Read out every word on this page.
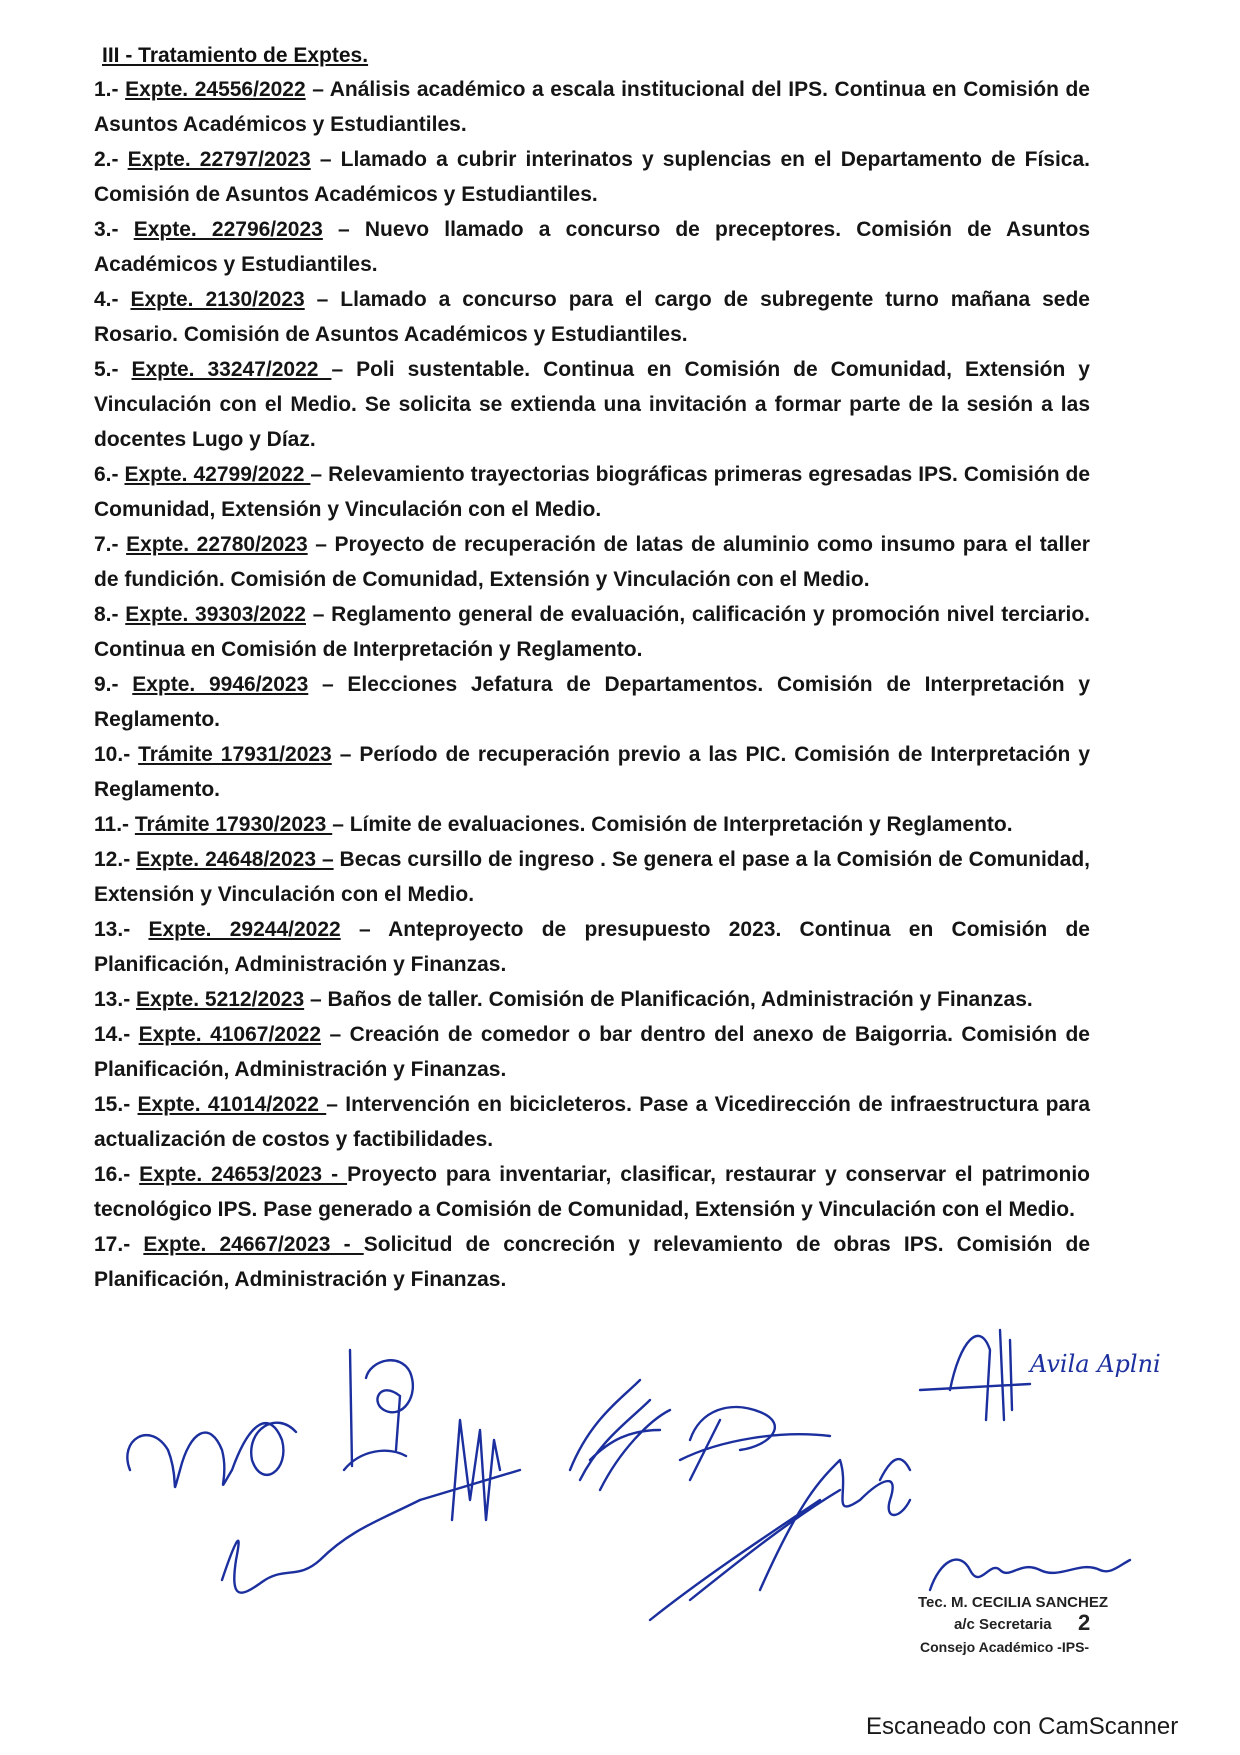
III - Tratamiento de Exptes.
1.- Expte. 24556/2022 – Análisis académico a escala institucional del IPS. Continua en Comisión de Asuntos Académicos y Estudiantiles.
2.- Expte. 22797/2023 – Llamado a cubrir interinatos y suplencias en el Departamento de Física. Comisión de Asuntos Académicos y Estudiantiles.
3.- Expte. 22796/2023 – Nuevo llamado a concurso de preceptores. Comisión de Asuntos Académicos y Estudiantiles.
4.- Expte. 2130/2023 – Llamado a concurso para el cargo de subregente turno mañana sede Rosario. Comisión de Asuntos Académicos y Estudiantiles.
5.- Expte. 33247/2022 – Poli sustentable. Continua en Comisión de Comunidad, Extensión y Vinculación con el Medio. Se solicita se extienda una invitación a formar parte de la sesión a las docentes Lugo y Díaz.
6.- Expte. 42799/2022 – Relevamiento trayectorias biográficas primeras egresadas IPS. Comisión de Comunidad, Extensión y Vinculación con el Medio.
7.- Expte. 22780/2023 – Proyecto de recuperación de latas de aluminio como insumo para el taller de fundición. Comisión de Comunidad, Extensión y Vinculación con el Medio.
8.- Expte. 39303/2022 – Reglamento general de evaluación, calificación y promoción nivel terciario. Continua en Comisión de Interpretación y Reglamento.
9.- Expte. 9946/2023 – Elecciones Jefatura de Departamentos. Comisión de Interpretación y Reglamento.
10.- Trámite 17931/2023 – Período de recuperación previo a las PIC. Comisión de Interpretación y Reglamento.
11.- Trámite 17930/2023 – Límite de evaluaciones. Comisión de Interpretación y Reglamento.
12.- Expte. 24648/2023 – Becas cursillo de ingreso . Se genera el pase a la Comisión de Comunidad, Extensión y Vinculación con el Medio.
13.- Expte. 29244/2022 – Anteproyecto de presupuesto 2023. Continua en Comisión de Planificación, Administración y Finanzas.
13.- Expte. 5212/2023 – Baños de taller. Comisión de Planificación, Administración y Finanzas.
14.- Expte. 41067/2022 – Creación de comedor o bar dentro del anexo de Baigorria. Comisión de Planificación, Administración y Finanzas.
15.- Expte. 41014/2022 – Intervención en bicicleteros. Pase a Vicedirección de infraestructura para actualización de costos y factibilidades.
16.- Expte. 24653/2023 - Proyecto para inventariar, clasificar, restaurar y conservar el patrimonio tecnológico IPS. Pase generado a Comisión de Comunidad, Extensión y Vinculación con el Medio.
17.- Expte. 24667/2023 - Solicitud de concreción y relevamiento de obras IPS. Comisión de Planificación, Administración y Finanzas.
Avila Aplni
Tec. M. CECILIA SANCHEZ
a/c Secretaria 2
Consejo Académico -IPS-
Escaneado con CamScanner
